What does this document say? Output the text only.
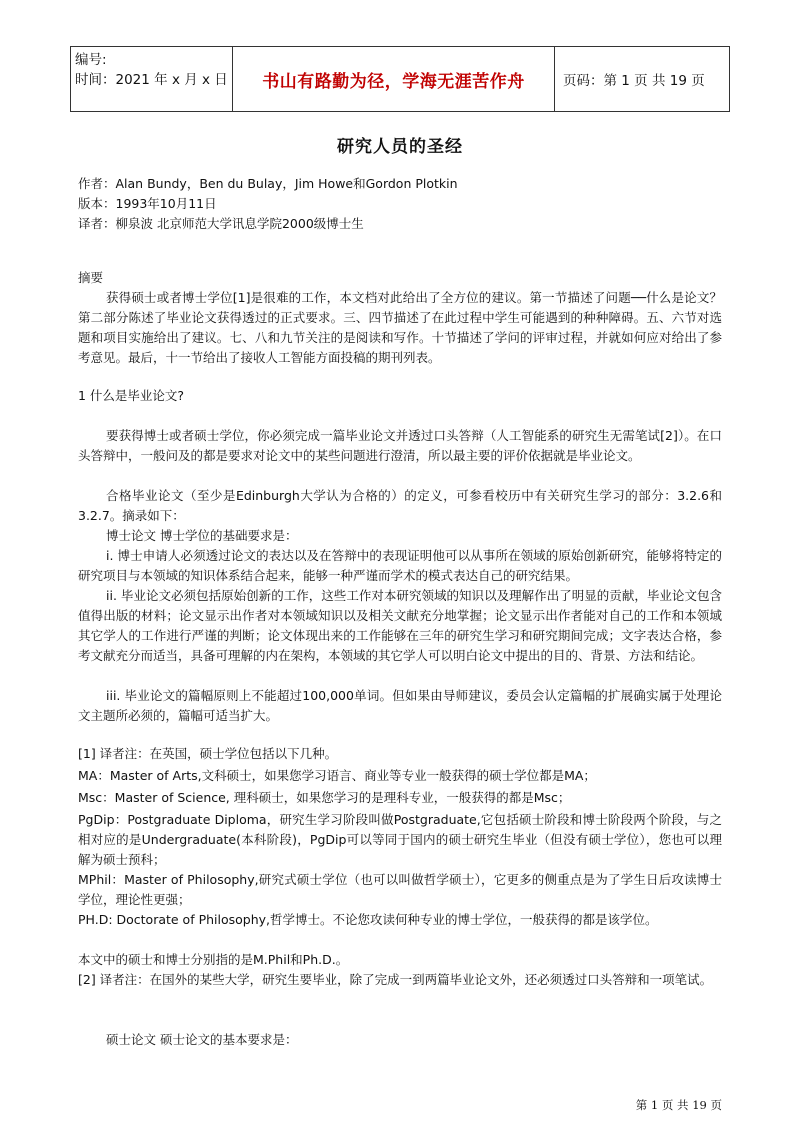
编号:
时间：2021 年 x 月 x 日	书山有路勤为径，学海无涯苦作舟	页码：第 1 页 共 19 页
研究人员的圣经
作者：Alan Bundy，Ben du Bulay，Jim Howe和Gordon Plotkin
版本：1993年10月11日
译者：柳泉波 北京师范大学讯息学院2000级博士生
摘要
获得硕士或者博士学位[1]是很难的工作，本文档对此给出了全方位的建议。第一节描述了问题──什么是论文？第二部分陈述了毕业论文获得透过的正式要求。三、四节描述了在此过程中学生可能遇到的种种障碍。五、六节对选题和项目实施给出了建议。七、八和九节关注的是阅读和写作。十节描述了学问的评审过程，并就如何应对给出了参考意见。最后，十一节给出了接收人工智能方面投稿的期刊列表。
1 什么是毕业论文?
要获得博士或者硕士学位，你必须完成一篇毕业论文并透过口头答辩（人工智能系的研究生无需笔试[2]）。在口头答辩中，一般问及的都是要求对论文中的某些问题进行澄清，所以最主要的评价依据就是毕业论文。
合格毕业论文（至少是Edinburgh大学认为合格的）的定义，可参看校历中有关研究生学习的部分：3.2.6和3.2.7。摘录如下：
博士论文 博士学位的基础要求是：
i. 博士申请人必须透过论文的表达以及在答辩中的表现证明他可以从事所在领域的原始创新研究，能够将特定的研究项目与本领域的知识体系结合起来，能够一种严谨而学术的模式表达自己的研究结果。
ii. 毕业论文必须包括原始创新的工作，这些工作对本研究领域的知识以及理解作出了明显的贡献，毕业论文包含值得出版的材料；论文显示出作者对本领域知识以及相关文献充分地掌握；论文显示出作者能对自己的工作和本领域其它学人的工作进行严谨的判断；论文体现出来的工作能够在三年的研究生学习和研究期间完成；文字表达合格，参考文献充分而适当，具备可理解的内在架构，本领域的其它学人可以明白论文中提出的目的、背景、方法和结论。
iii. 毕业论文的篇幅原则上不能超过100,000单词。但如果由导师建议，委员会认定篇幅的扩展确实属于处理论文主题所必须的，篇幅可适当扩大。
[1] 译者注：在英国，硕士学位包括以下几种。
MA：Master of Arts,文科硕士，如果您学习语言、商业等专业一般获得的硕士学位都是MA；
Msc：Master of Science, 理科硕士，如果您学习的是理科专业，一般获得的都是Msc；
PgDip：Postgraduate Diploma，研究生学习阶段叫做Postgraduate,它包括硕士阶段和博士阶段两个阶段，与之相对应的是Undergraduate(本科阶段)，PgDip可以等同于国内的硕士研究生毕业（但没有硕士学位），您也可以理解为硕士预科；
MPhil：Master of Philosophy,研究式硕士学位（也可以叫做哲学硕士），它更多的侧重点是为了学生日后攻读博士学位，理论性更强；
PH.D: Doctorate of Philosophy,哲学博士。不论您攻读何种专业的博士学位，一般获得的都是该学位。
本文中的硕士和博士分别指的是M.Phil和Ph.D.。
[2] 译者注：在国外的某些大学，研究生要毕业，除了完成一到两篇毕业论文外，还必须透过口头答辩和一项笔试。
硕士论文 硕士论文的基本要求是：
第 1 页 共 19 页
